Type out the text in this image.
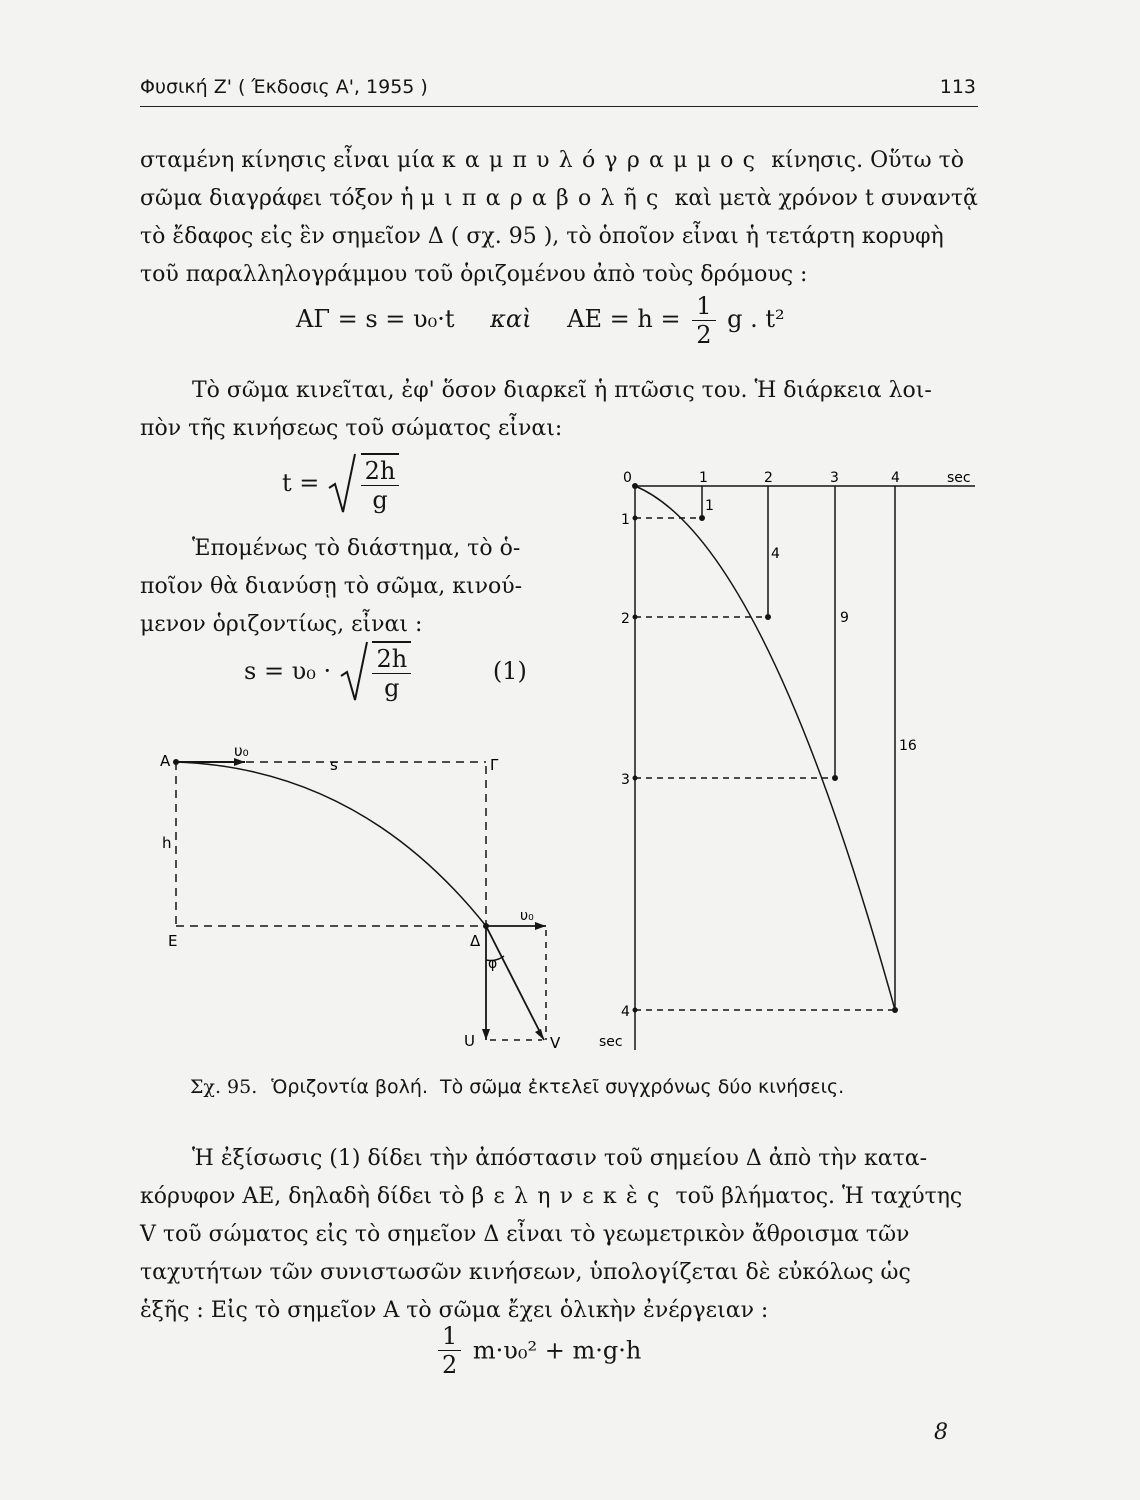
Φυσική Ζ' ( Έκδοσις Α', 1955 )	113
σταμένη κίνησις εἶναι μία καμπυλόγραμμος κίνησις. Οὕτω τὸ
σῶμα διαγράφει τόξον ἡ μιπαραβολῆς καὶ μετὰ χρόνον t συναντᾷ
τὸ ἔδαφος εἰς ἓν σημεῖον Δ ( σχ. 95 ), τὸ ὁποῖον εἶναι ἡ τετάρτη κορυφὴ
τοῦ παραλληλογράμμου τοῦ ὁριζομένου ἀπὸ τοὺς δρόμους :
ΑΓ = s = υ₀·t καὶ $AE = h = \frac{1}{2}$ g . t²
Τὸ σῶμα κινεῖται, ἐφ' ὅσον διαρκεῖ ἡ πτῶσις του. Ἡ διάρκεια λοι-
πὸν τῆς κινήσεως τοῦ σώματος εἶναι:
$t = \frac{2h}{g}$
Ἑπομένως τὸ διάστημα, τὸ ὁ-
ποῖον θὰ διανύσῃ τὸ σῶμα, κινού-
μενον ὁριζοντίως, εἶναι :
$s = \upsilon_0 \cdot \frac{2h}{g}$	(1)
Α
υ₀
s	Γ
h
Ε	Δ
υ₀
φ
U	V
0	1	2	3	4	sec
1
2
3
4
sec
1
4
9
16
Σχ. 95. Ὁριζοντία βολή. Τὸ σῶμα ἐκτελεῖ συγχρόνως δύο κινήσεις.
Ἡ ἐξίσωσις (1) δίδει τὴν ἀπόστασιν τοῦ σημείου Δ ἀπὸ τὴν κατα-
κόρυφον ΑΕ, δηλαδὴ δίδει τὸ βεληνεκὲς τοῦ βλήματος. Ἡ ταχύτης
V τοῦ σώματος εἰς τὸ σημεῖον Δ εἶναι τὸ γεωμετρικὸν ἄθροισμα τῶν
ταχυτήτων τῶν συνιστωσῶν κινήσεων, ὑπολογίζεται δὲ εὐκόλως ὡς
ἑξῆς : Εἰς τὸ σημεῖον Α τὸ σῶμα ἔχει ὁλικὴν ἐνέργειαν :
$\frac{1}{2} m\cdot\upsilon_0^2 + m\cdot g\cdot h$
8
